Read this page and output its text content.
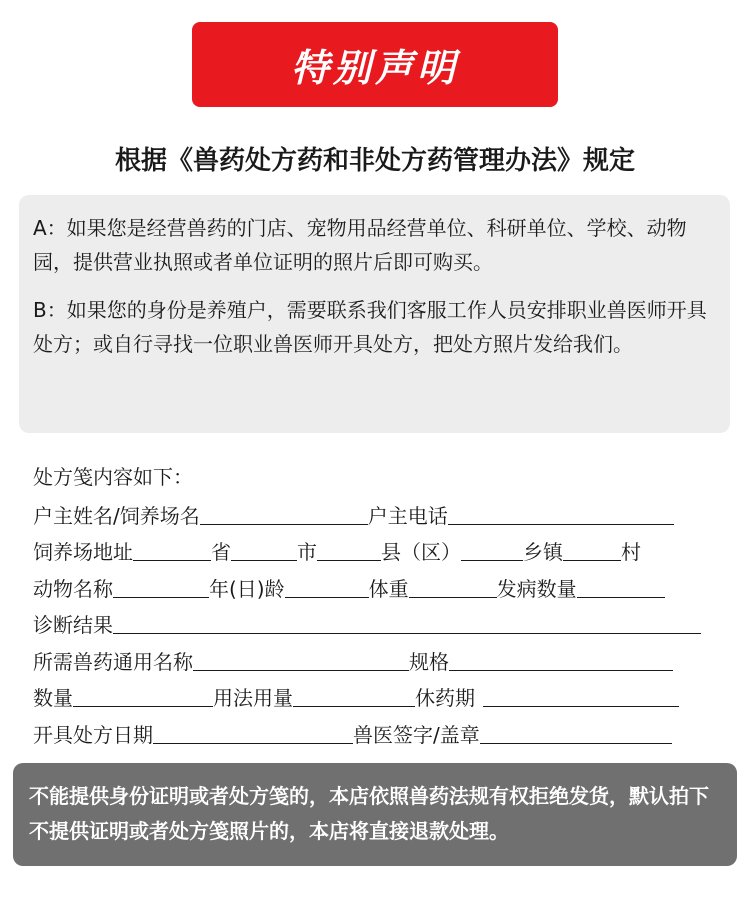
特别声明
根据《兽药处方药和非处方药管理办法》规定

A：如果您是经营兽药的门店、宠物用品经营单位、科研单位、学校、动物园，提供营业执照或者单位证明的照片后即可购买。

B：如果您的身份是养殖户，需要联系我们客服工作人员安排职业兽医师开具处方；或自行寻找一位职业兽医师开具处方，把处方照片发给我们。

处方笺内容如下：
户主姓名/饲养场名	户主电话
饲养场地址	省	市	县（区）	乡镇	村
动物名称	年(日)龄	体重	发病数量
诊断结果
所需兽药通用名称	规格
数量	用法用量	休药期
开具处方日期	兽医签字/盖章
不能提供身份证明或者处方笺的，本店依照兽药法规有权拒绝发货，默认拍下不提供证明或者处方笺照片的，本店将直接退款处理。
